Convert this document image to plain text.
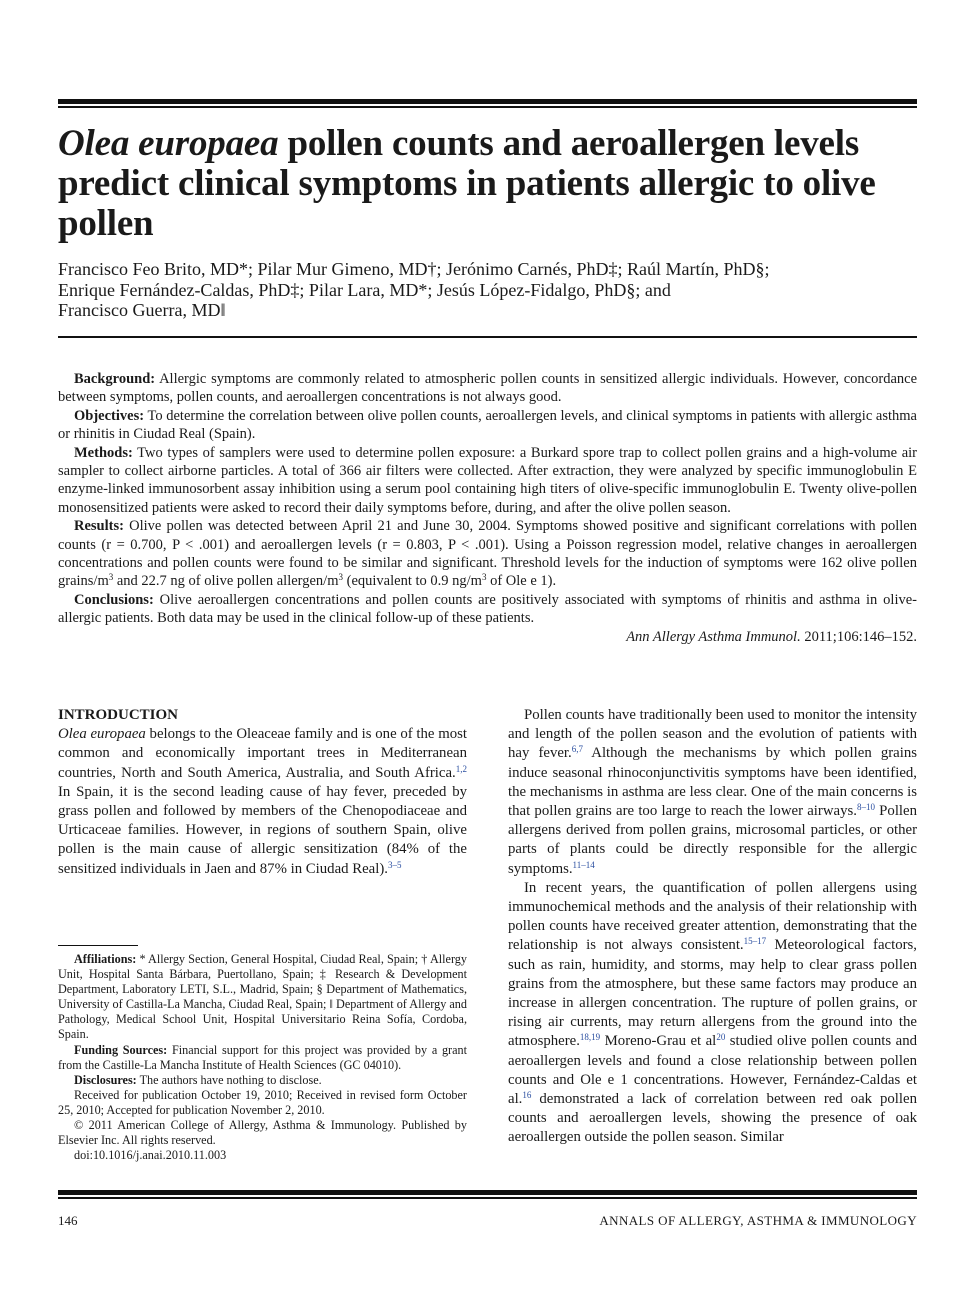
Olea europaea pollen counts and aeroallergen levels predict clinical symptoms in patients allergic to olive pollen
Francisco Feo Brito, MD*; Pilar Mur Gimeno, MD†; Jerónimo Carnés, PhD‡; Raúl Martín, PhD§;
Enrique Fernández-Caldas, PhD‡; Pilar Lara, MD*; Jesús López-Fidalgo, PhD§; and
Francisco Guerra, MD‖

Background: Allergic symptoms are commonly related to atmospheric pollen counts in sensitized allergic individuals. However, concordance between symptoms, pollen counts, and aeroallergen concentrations is not always good.

Objectives: To determine the correlation between olive pollen counts, aeroallergen levels, and clinical symptoms in patients with allergic asthma or rhinitis in Ciudad Real (Spain).

Methods: Two types of samplers were used to determine pollen exposure: a Burkard spore trap to collect pollen grains and a high-volume air sampler to collect airborne particles. A total of 366 air filters were collected. After extraction, they were analyzed by specific immunoglobulin E enzyme-linked immunosorbent assay inhibition using a serum pool containing high titers of olive-specific immunoglobulin E. Twenty olive-pollen monosensitized patients were asked to record their daily symptoms before, during, and after the olive pollen season.

Results: Olive pollen was detected between April 21 and June 30, 2004. Symptoms showed positive and significant correlations with pollen counts (r = 0.700, P < .001) and aeroallergen levels (r = 0.803, P < .001). Using a Poisson regression model, relative changes in aeroallergen concentrations and pollen counts were found to be similar and significant. Threshold levels for the induction of symptoms were 162 olive pollen grains/$m^3$ and 22.7 ng of olive pollen allergen/$m^3$ (equivalent to 0.9 $ng/m^3$ of Ole e 1).

Conclusions: Olive aeroallergen concentrations and pollen counts are positively associated with symptoms of rhinitis and asthma in olive-allergic patients. Both data may be used in the clinical follow-up of these patients.

Ann Allergy Asthma Immunol. 2011;106:146–152.

INTRODUCTION

Olea europaea belongs to the Oleaceae family and is one of the most common and economically important trees in Mediterranean countries, North and South America, Australia, and South Africa.$^{1,2}$ In Spain, it is the second leading cause of hay fever, preceded by grass pollen and followed by members of the Chenopodiaceae and Urticaceae families. However, in regions of southern Spain, olive pollen is the main cause of allergic sensitization (84% of the sensitized individuals in Jaen and 87% in Ciudad Real).$^{3-5}$

Affiliations: * Allergy Section, General Hospital, Ciudad Real, Spain; † Allergy Unit, Hospital Santa Bárbara, Puertollano, Spain; ‡ Research & Development Department, Laboratory LETI, S.L., Madrid, Spain; § Department of Mathematics, University of Castilla-La Mancha, Ciudad Real, Spain; ‖ Department of Allergy and Pathology, Medical School Unit, Hospital Universitario Reina Sofía, Cordoba, Spain.

Funding Sources: Financial support for this project was provided by a grant from the Castille-La Mancha Institute of Health Sciences (GC 04010).

Disclosures: The authors have nothing to disclose.

Received for publication October 19, 2010; Received in revised form October 25, 2010; Accepted for publication November 2, 2010.

© 2011 American College of Allergy, Asthma & Immunology. Published by Elsevier Inc. All rights reserved.

doi:10.1016/j.anai.2010.11.003

Pollen counts have traditionally been used to monitor the intensity and length of the pollen season and the evolution of patients with hay fever.$^{6,7}$ Although the mechanisms by which pollen grains induce seasonal rhinoconjunctivitis symptoms have been identified, the mechanisms in asthma are less clear. One of the main concerns is that pollen grains are too large to reach the lower airways.$^{8-10}$ Pollen allergens derived from pollen grains, microsomal particles, or other parts of plants could be directly responsible for the allergic symptoms.$^{11-14}$

In recent years, the quantification of pollen allergens using immunochemical methods and the analysis of their relationship with pollen counts have received greater attention, demonstrating that the relationship is not always consistent.$^{15-17}$ Meteorological factors, such as rain, humidity, and storms, may help to clear grass pollen grains from the atmosphere, but these same factors may produce an increase in allergen concentration. The rupture of pollen grains, or rising air currents, may return allergens from the ground into the atmosphere.$^{18,19}$ Moreno-Grau et $al^{20}$ studied olive pollen counts and aeroallergen levels and found a close relationship between pollen counts and Ole e 1 concentrations. However, Fernández-Caldas et al.$^{16}$ demonstrated a lack of correlation between red oak pollen counts and aeroallergen levels, showing the presence of oak aeroallergen outside the pollen season. Similar

146	ANNALS OF ALLERGY, ASTHMA & IMMUNOLOGY
